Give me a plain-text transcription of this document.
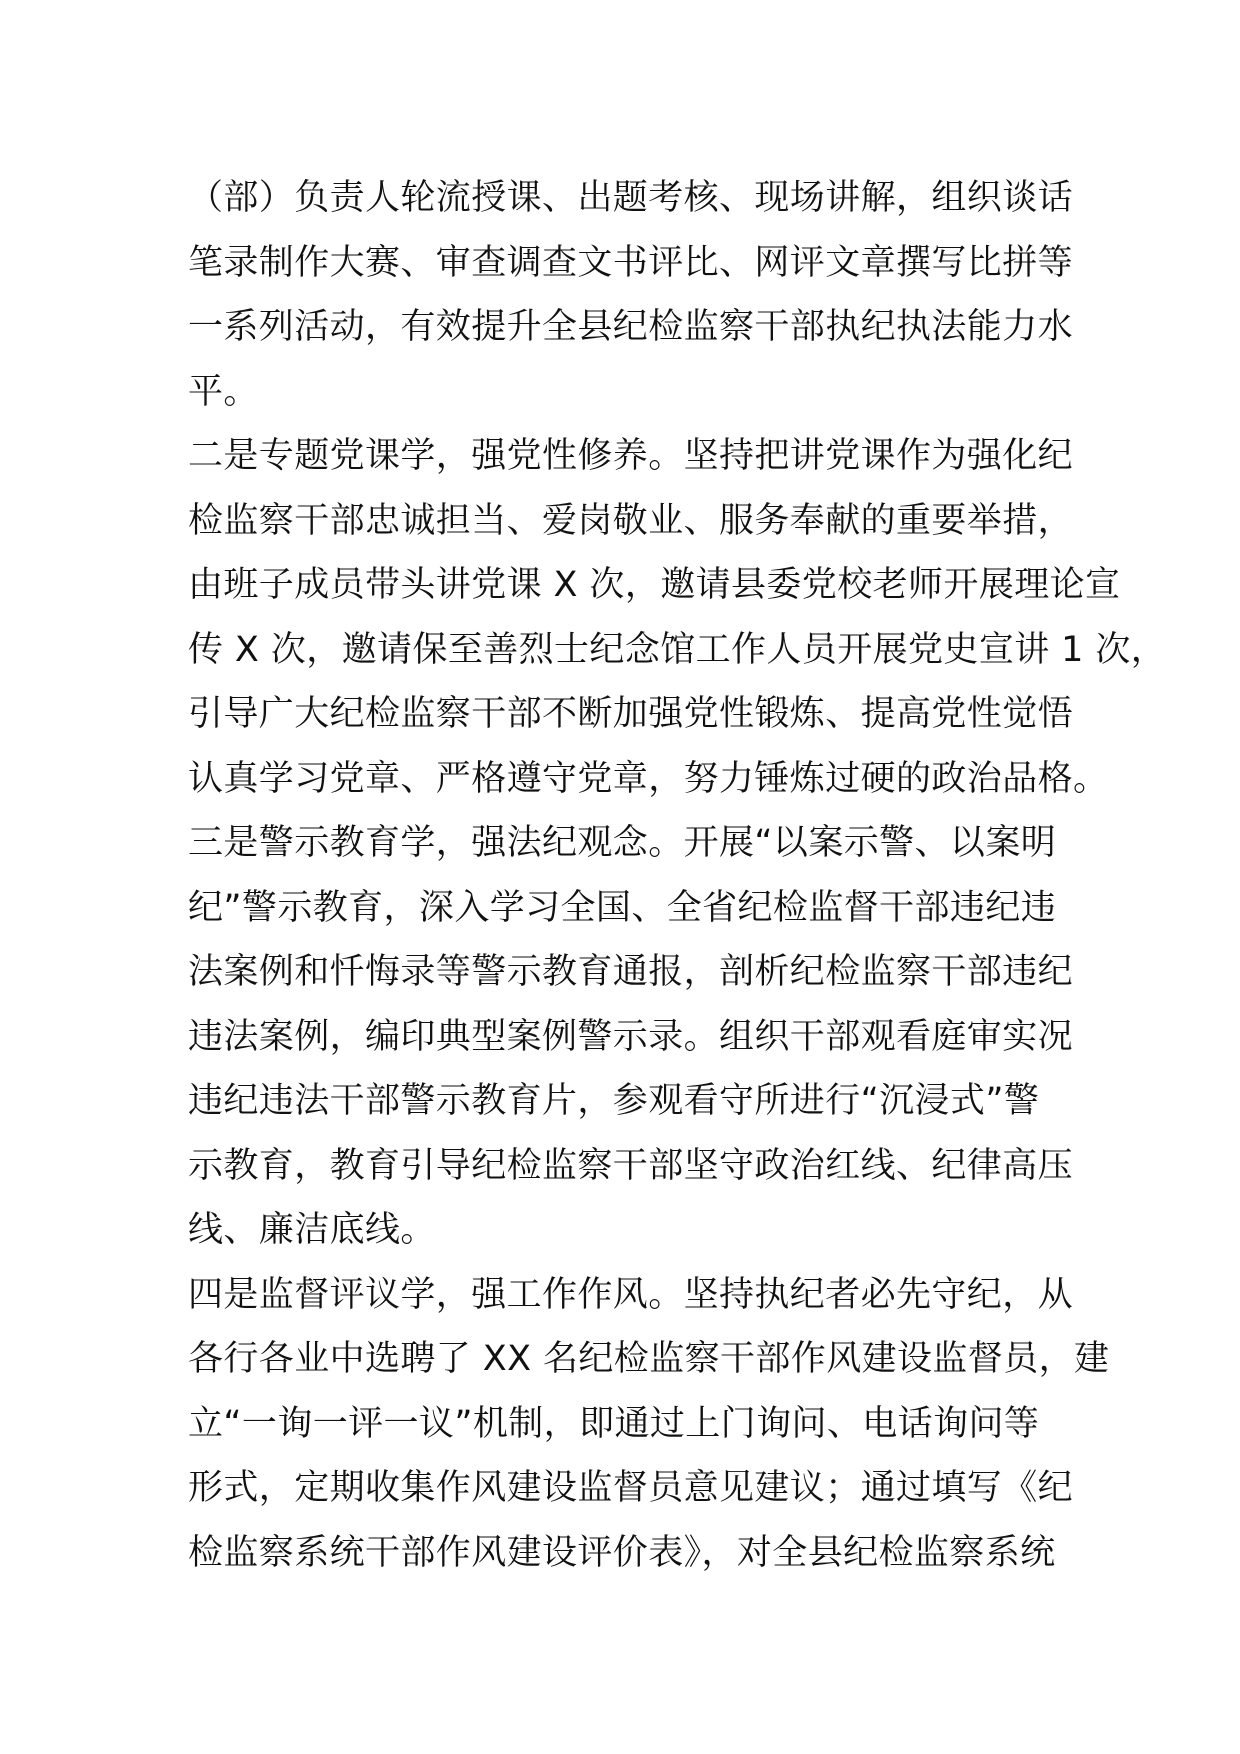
（部）负责人轮流授课、出题考核、现场讲解，组织谈话
笔录制作大赛、审查调查文书评比、网评文章撰写比拼等
一系列活动，有效提升全县纪检监察干部执纪执法能力水
平。
二是专题党课学，强党性修养。坚持把讲党课作为强化纪
检监察干部忠诚担当、爱岗敬业、服务奉献的重要举措，
由班子成员带头讲党课 X 次，邀请县委党校老师开展理论宣
传 X 次，邀请保至善烈士纪念馆工作人员开展党史宣讲 1 次，
引导广大纪检监察干部不断加强党性锻炼、提高党性觉悟
认真学习党章、严格遵守党章，努力锤炼过硬的政治品格。
三是警示教育学，强法纪观念。开展“以案示警、以案明
纪”警示教育，深入学习全国、全省纪检监督干部违纪违
法案例和忏悔录等警示教育通报，剖析纪检监察干部违纪
违法案例，编印典型案例警示录。组织干部观看庭审实况
违纪违法干部警示教育片，参观看守所进行“沉浸式”警
示教育，教育引导纪检监察干部坚守政治红线、纪律高压
线、廉洁底线。
四是监督评议学，强工作作风。坚持执纪者必先守纪，从
各行各业中选聘了 XX 名纪检监察干部作风建设监督员，建
立“一询一评一议”机制，即通过上门询问、电话询问等
形式，定期收集作风建设监督员意见建议；通过填写《纪
检监察系统干部作风建设评价表》，对全县纪检监察系统
